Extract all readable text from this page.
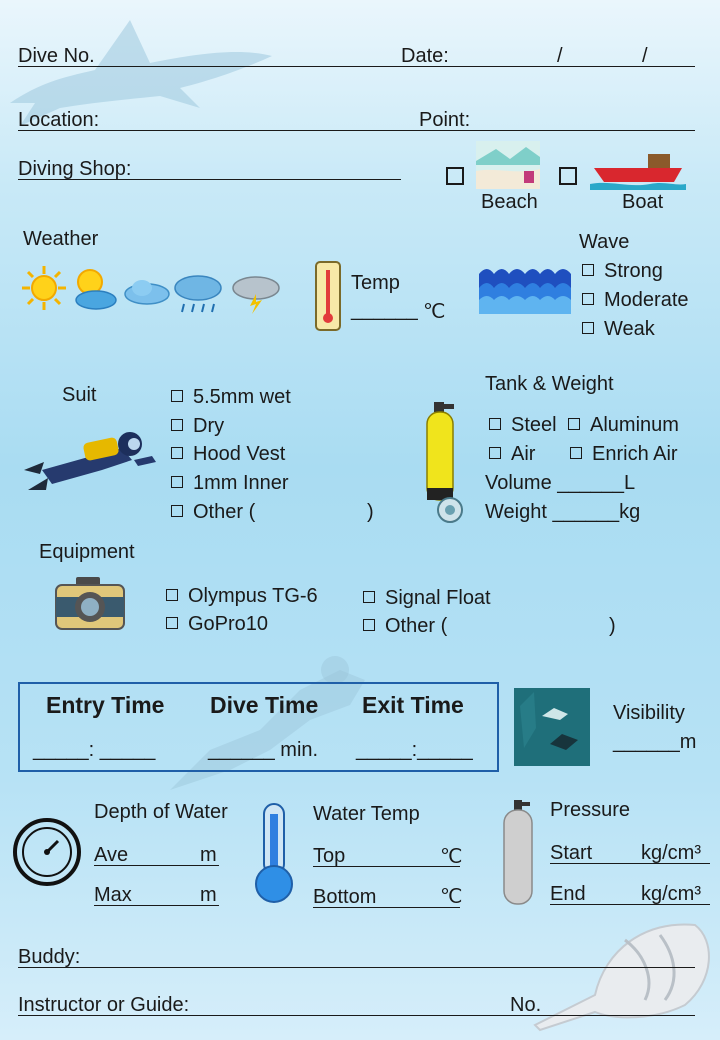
Dive No.	Date:	/	/
Location:	Point:
Diving Shop:
Beach	Boat
Weather
Temp
______ ℃
Wave
Strong
Moderate
Weak
Suit	5.5mm wet
Dry
Hood Vest
1mm Inner
Other (	)
Tank & Weight
Steel	Aluminum
Air	Enrich Air
Volume ______L
Weight ______kg
Equipment
Olympus TG-6
GoPro10
Signal Float
Other (	)
Entry Time Dive Time Exit Time
_____: _____	______ min. _____:_____
Visibility
______m
Depth of Water
Ave	m
Max	m
Water Temp
Top	℃
Bottom	℃
Pressure
Start kg/cm³
End	kg/cm³
Buddy:
Instructor or Guide:	No.
